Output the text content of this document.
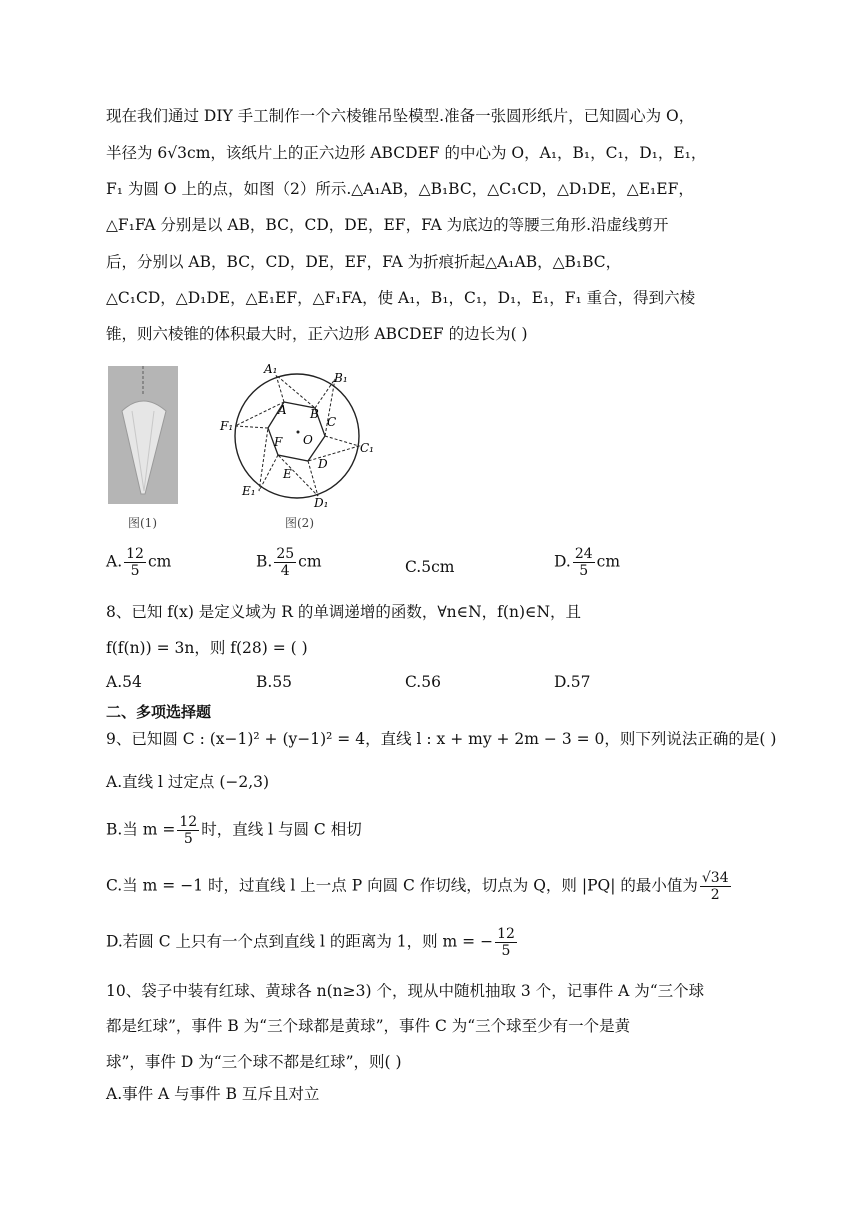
现在我们通过 DIY 手工制作一个六棱锥吊坠模型.准备一张圆形纸片，已知圆心为 O，
半径为 6√3cm，该纸片上的正六边形 ABCDEF 的中心为 O，A₁，B₁，C₁，D₁，E₁，
F₁ 为圆 O 上的点，如图（2）所示.△A₁AB，△B₁BC，△C₁CD，△D₁DE，△E₁EF，
△F₁FA 分别是以 AB，BC，CD，DE，EF，FA 为底边的等腰三角形.沿虚线剪开
后，分别以 AB，BC，CD，DE，EF，FA 为折痕折起△A₁AB，△B₁BC，
△C₁CD，△D₁DE，△E₁EF，△F₁FA，使 A₁，B₁，C₁，D₁，E₁，F₁ 重合，得到六棱
锥，则六棱锥的体积最大时，正六边形 ABCDEF 的边长为( )
图(1)
A₁
B₁
C₁
D₁
E₁
F₁
A B
C
D
E
F O
图(2)
A. $\frac{12}{5}$ cm	B. $\frac{25}{4}$ cm	C.5cm	D. $\frac{24}{5}$ cm
8、已知 f(x) 是定义域为 R 的单调递增的函数，∀n∈N，f(n)∈N，且
f(f(n)) = 3n，则 f(28) = ( )
A.54	B.55	C.56	D.57
二、多项选择题
9、已知圆 C : (x−1)² + (y−1)² = 4，直线 l : x + my + 2m − 3 = 0，则下列说法正确的是( )
A.直线 l 过定点 (−2,3)
B.当 $m = \frac{12}{5}$ 时，直线 l 与圆 C 相切
C.当 m = −1 时，过直线 l 上一点 P 向圆 C 作切线，切点为 Q，则 |PQ| 的最小值为 $\frac{√34}{2}$
D.若圆 C 上只有一个点到直线 l 的距离为 1，则 m = − $\frac{12}{5}$
10、袋子中装有红球、黄球各 n(n≥3) 个，现从中随机抽取 3 个，记事件 A 为“三个球
都是红球”，事件 B 为“三个球都是黄球”，事件 C 为“三个球至少有一个是黄
球”，事件 D 为“三个球不都是红球”，则( )
A.事件 A 与事件 B 互斥且对立
